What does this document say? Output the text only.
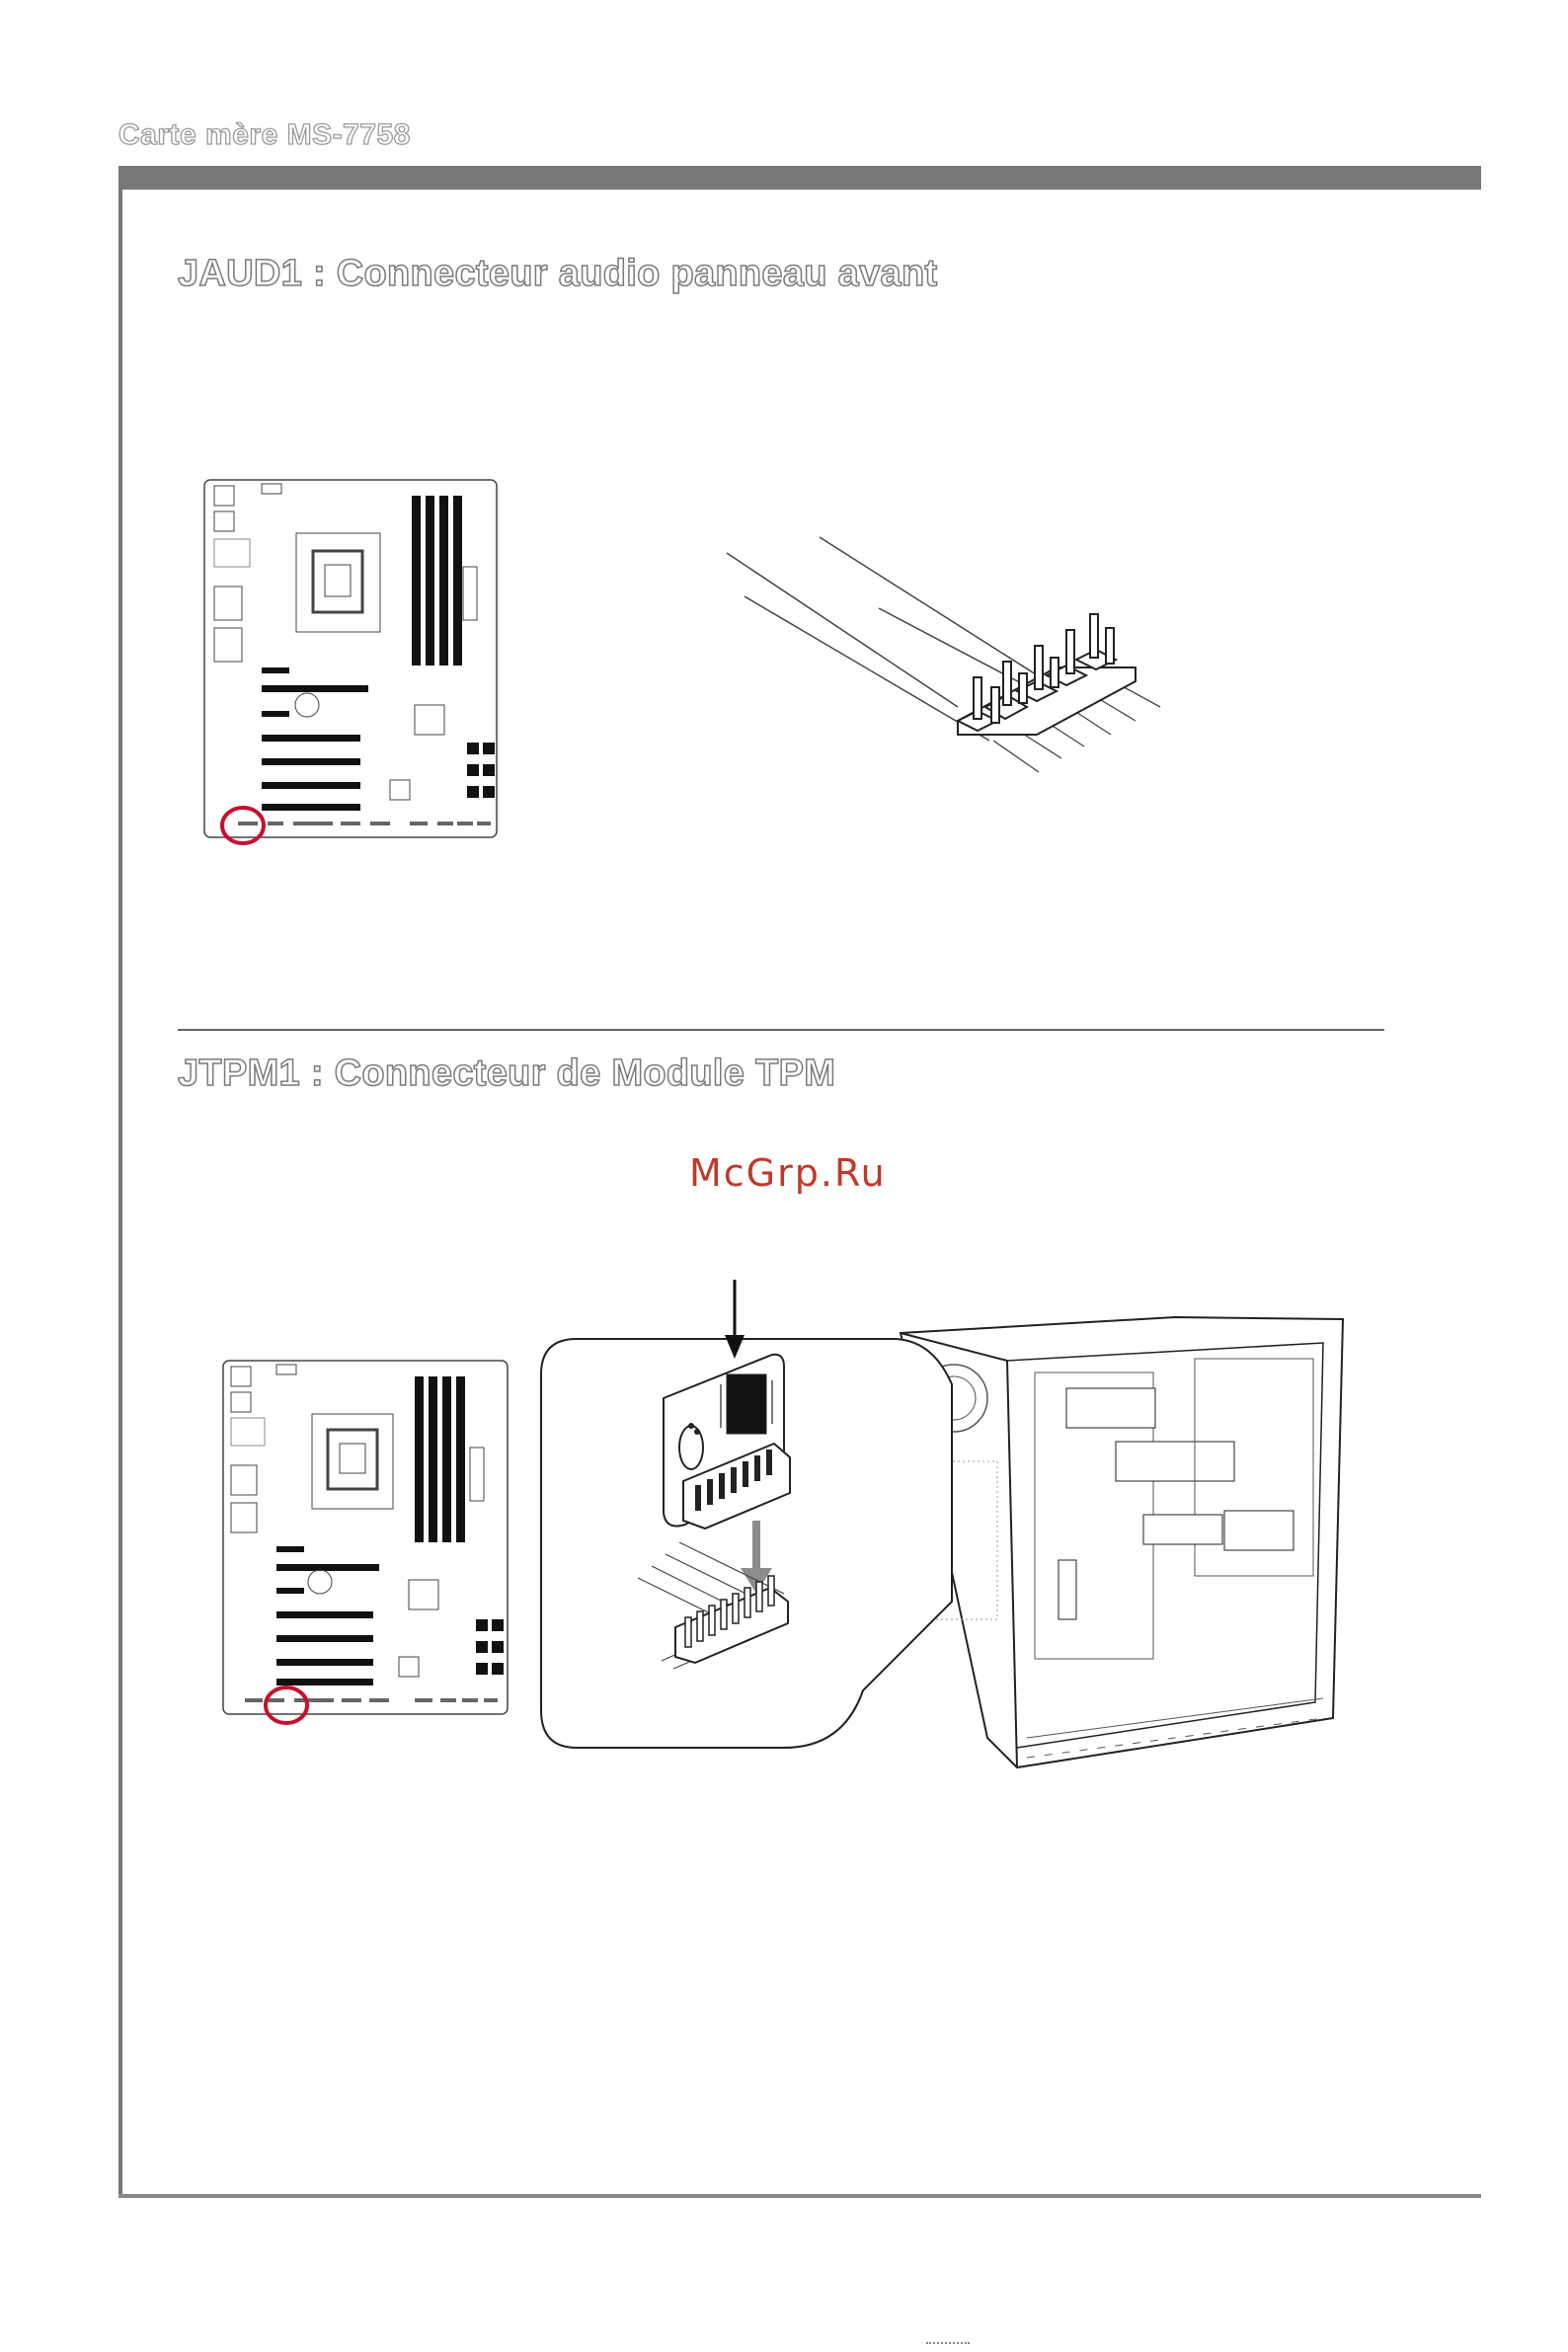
Carte mère MS-7758
JAUD1 : Connecteur audio panneau avant
JTPM1 : Connecteur de Module TPM
McGrp.Ru
